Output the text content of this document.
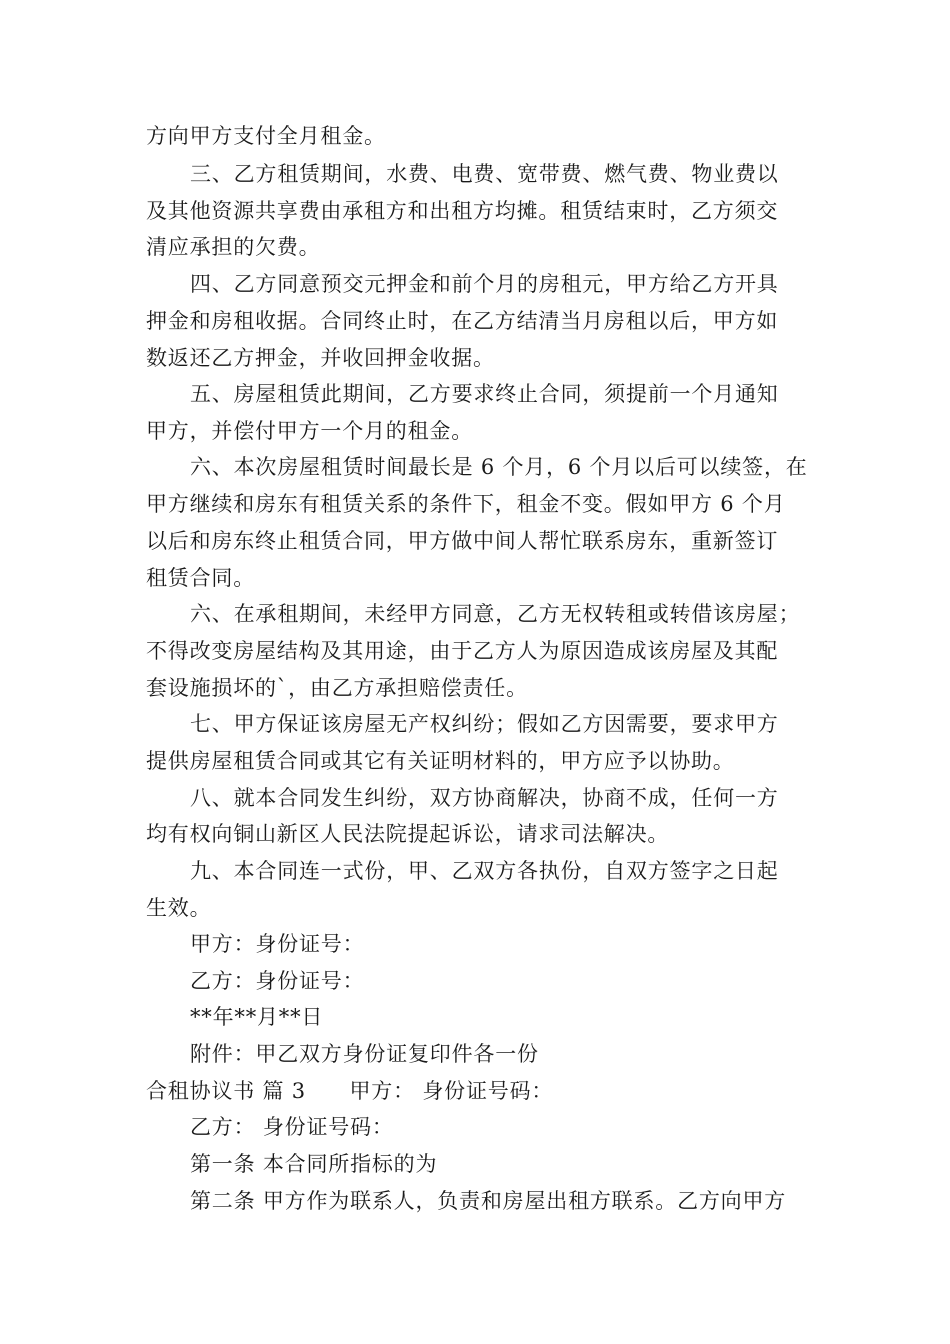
方向甲方支付全月租金。
三、乙方租赁期间，水费、电费、宽带费、燃气费、物业费以
及其他资源共享费由承租方和出租方均摊。租赁结束时，乙方须交
清应承担的欠费。
四、乙方同意预交元押金和前个月的房租元，甲方给乙方开具
押金和房租收据。合同终止时，在乙方结清当月房租以后，甲方如
数返还乙方押金，并收回押金收据。
五、房屋租赁此期间，乙方要求终止合同，须提前一个月通知
甲方，并偿付甲方一个月的租金。
六、本次房屋租赁时间最长是 6 个月，6 个月以后可以续签，在
甲方继续和房东有租赁关系的条件下，租金不变。假如甲方 6 个月
以后和房东终止租赁合同，甲方做中间人帮忙联系房东，重新签订
租赁合同。
六、在承租期间，未经甲方同意，乙方无权转租或转借该房屋；
不得改变房屋结构及其用途，由于乙方人为原因造成该房屋及其配
套设施损坏的`，由乙方承担赔偿责任。
七、甲方保证该房屋无产权纠纷；假如乙方因需要，要求甲方
提供房屋租赁合同或其它有关证明材料的，甲方应予以协助。
八、就本合同发生纠纷，双方协商解决，协商不成，任何一方
均有权向铜山新区人民法院提起诉讼，请求司法解决。
九、本合同连一式份，甲、乙双方各执份，自双方签字之日起
生效。
甲方：身份证号：
乙方：身份证号：
**年**月**日
附件：甲乙双方身份证复印件各一份
合租协议书 篇 3　　甲方： 身份证号码：
乙方： 身份证号码：
第一条 本合同所指标的为
第二条 甲方作为联系人，负责和房屋出租方联系。乙方向甲方
